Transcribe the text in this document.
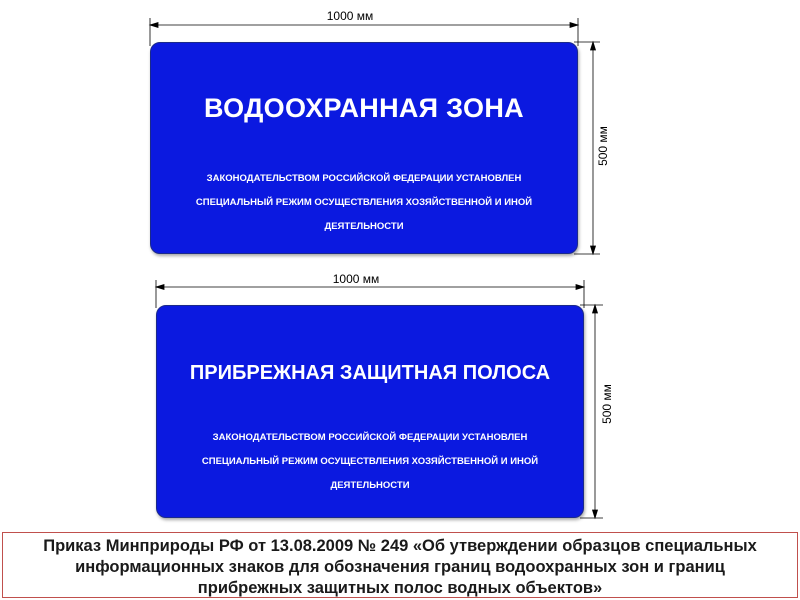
1000 мм
500 мм
1000 мм
500 мм
ВОДООХРАННАЯ ЗОНА
ЗАКОНОДАТЕЛЬСТВОМ РОССИЙСКОЙ ФЕДЕРАЦИИ УСТАНОВЛЕН
СПЕЦИАЛЬНЫЙ РЕЖИМ ОСУЩЕСТВЛЕНИЯ ХОЗЯЙСТВЕННОЙ И ИНОЙ
ДЕЯТЕЛЬНОСТИ
ПРИБРЕЖНАЯ ЗАЩИТНАЯ ПОЛОСА
ЗАКОНОДАТЕЛЬСТВОМ РОССИЙСКОЙ ФЕДЕРАЦИИ УСТАНОВЛЕН
СПЕЦИАЛЬНЫЙ РЕЖИМ ОСУЩЕСТВЛЕНИЯ ХОЗЯЙСТВЕННОЙ И ИНОЙ
ДЕЯТЕЛЬНОСТИ
Приказ Минприроды РФ от 13.08.2009 № 249 «Об утверждении образцов специальных
информационных знаков для обозначения границ водоохранных зон и границ
прибрежных защитных полос водных объектов»
